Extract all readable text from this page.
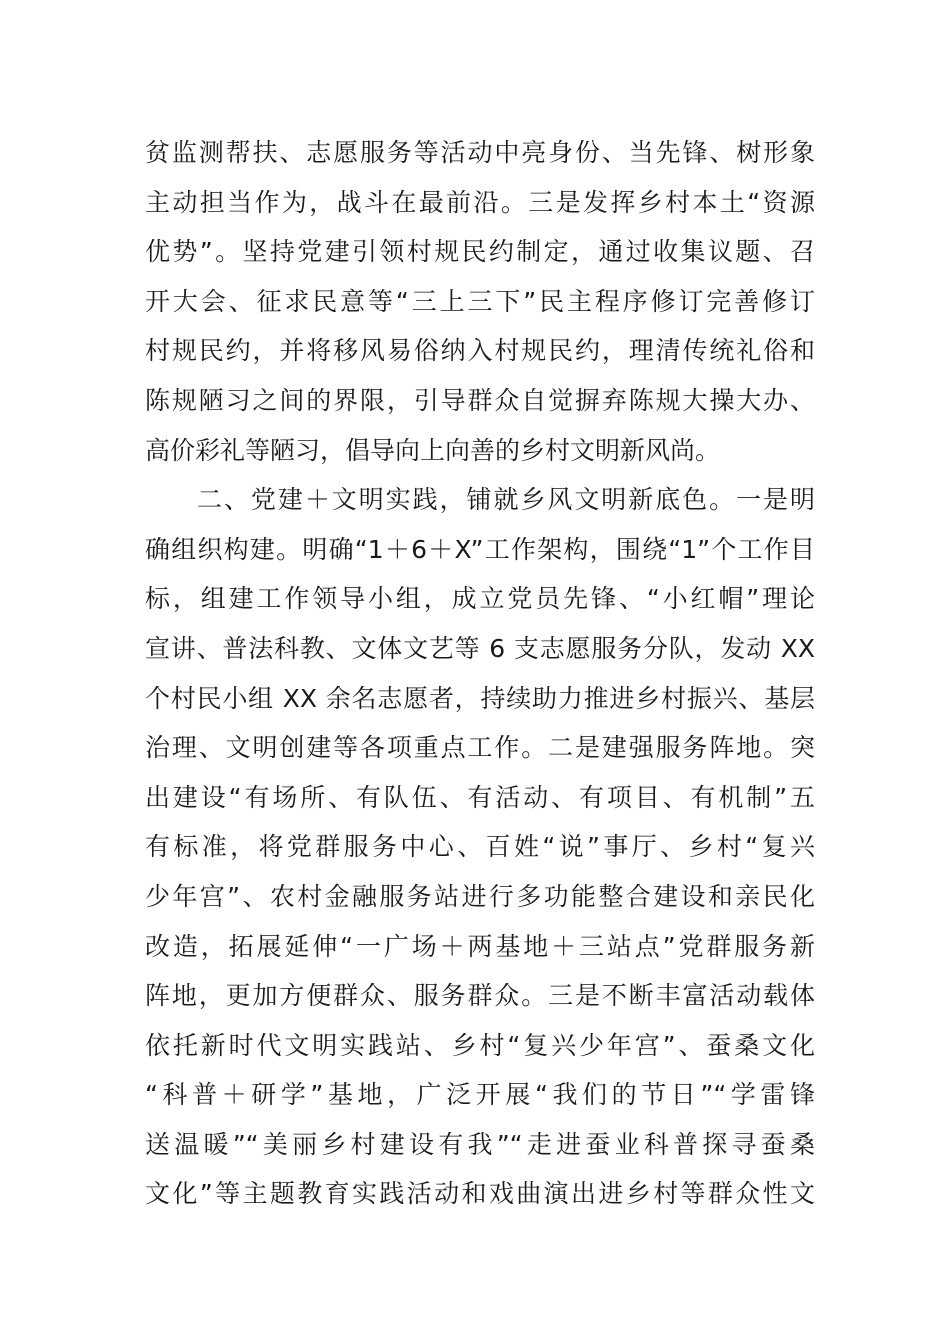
贫监测帮扶、志愿服务等活动中亮身份、当先锋、树形象
主动担当作为，战斗在最前沿。三是发挥乡村本土“资源
优势”。坚持党建引领村规民约制定，通过收集议题、召
开大会、征求民意等“三上三下”民主程序修订完善修订
村规民约，并将移风易俗纳入村规民约，理清传统礼俗和
陈规陋习之间的界限，引导群众自觉摒弃陈规大操大办、
高价彩礼等陋习，倡导向上向善的乡村文明新风尚。
二、党建＋文明实践，铺就乡风文明新底色。一是明
确组织构建。明确“1＋6＋X”工作架构，围绕“1”个工作目
标，组建工作领导小组，成立党员先锋、“小红帽”理论
宣讲、普法科教、文体文艺等 6 支志愿服务分队，发动 XX
个村民小组 XX 余名志愿者，持续助力推进乡村振兴、基层
治理、文明创建等各项重点工作。二是建强服务阵地。突
出建设“有场所、有队伍、有活动、有项目、有机制”五
有标准，将党群服务中心、百姓“说”事厅、乡村“复兴
少年宫”、农村金融服务站进行多功能整合建设和亲民化
改造，拓展延伸“一广场＋两基地＋三站点”党群服务新
阵地，更加方便群众、服务群众。三是不断丰富活动载体
依托新时代文明实践站、乡村“复兴少年宫”、蚕桑文化
“科普＋研学”基地，广泛开展“我们的节日”“学雷锋
送温暖”“美丽乡村建设有我”“走进蚕业科普探寻蚕桑
文化”等主题教育实践活动和戏曲演出进乡村等群众性文
